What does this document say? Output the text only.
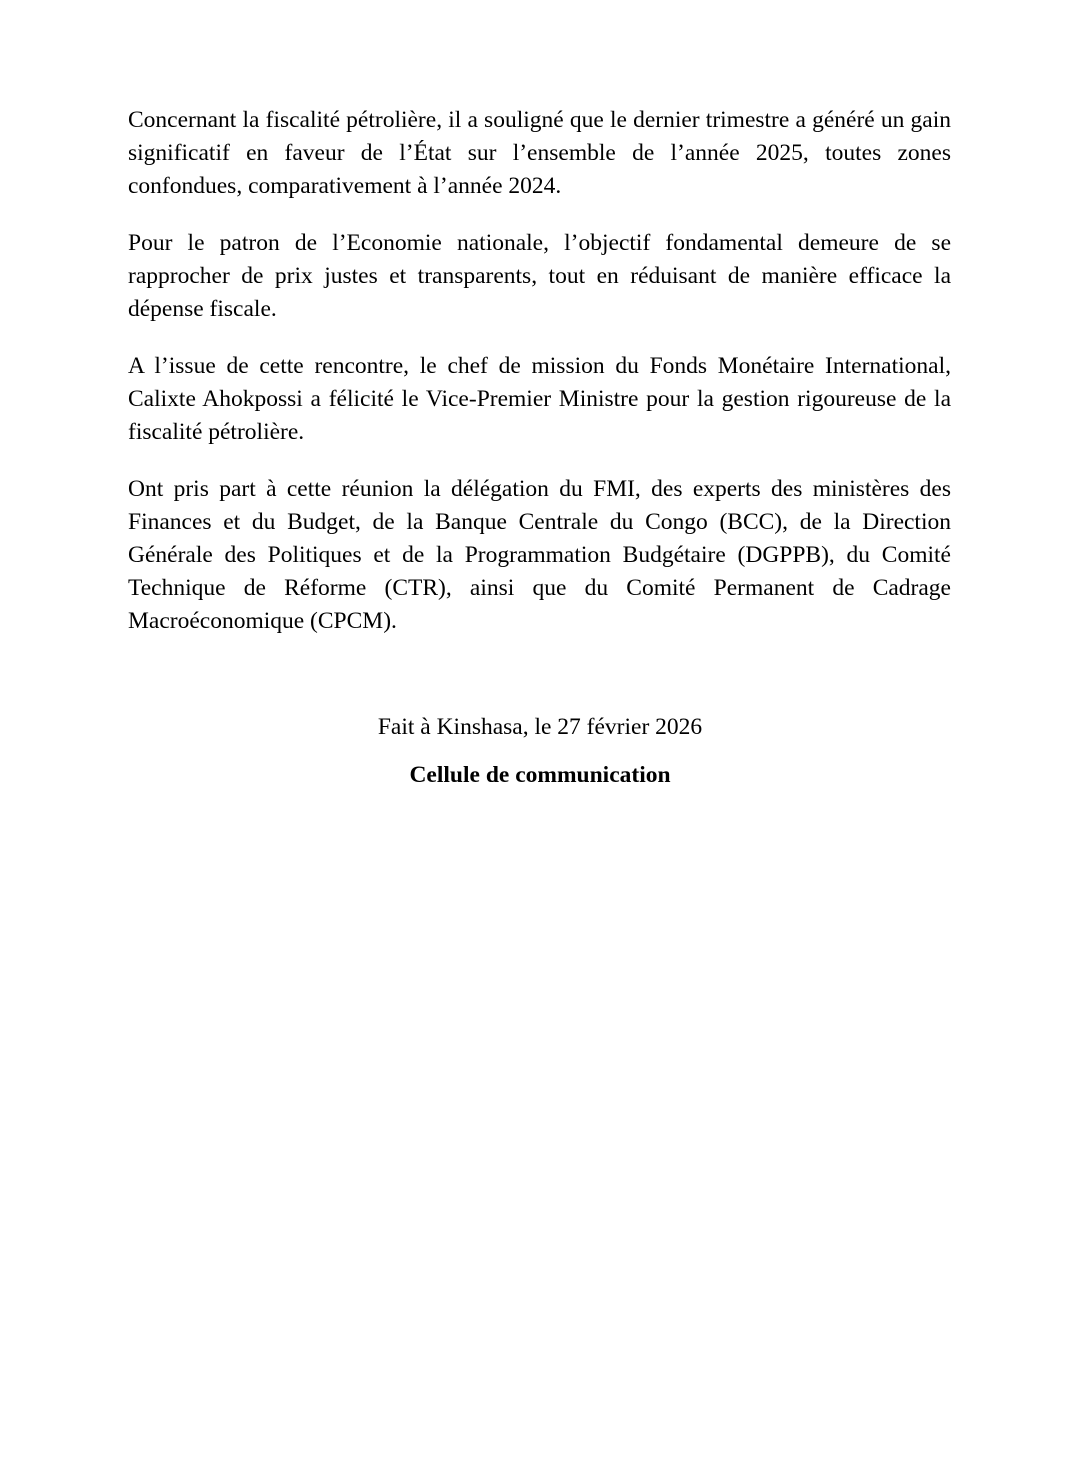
Concernant la fiscalité pétrolière, il a souligné que le dernier trimestre a généré un gain significatif en faveur de l’État sur l’ensemble de l’année 2025, toutes zones confondues, comparativement à l’année 2024.

Pour le patron de l’Economie nationale, l’objectif fondamental demeure de se rapprocher de prix justes et transparents, tout en réduisant de manière efficace la dépense fiscale.

A l’issue de cette rencontre, le chef de mission du Fonds Monétaire International, Calixte Ahokpossi a félicité le Vice-Premier Ministre pour la gestion rigoureuse de la fiscalité pétrolière.

Ont pris part à cette réunion la délégation du FMI, des experts des ministères des Finances et du Budget, de la Banque Centrale du Congo (BCC), de la Direction Générale des Politiques et de la Programmation Budgétaire (DGPPB), du Comité Technique de Réforme (CTR), ainsi que du Comité Permanent de Cadrage Macroéconomique (CPCM).

Fait à Kinshasa, le 27 février 2026

Cellule de communication
